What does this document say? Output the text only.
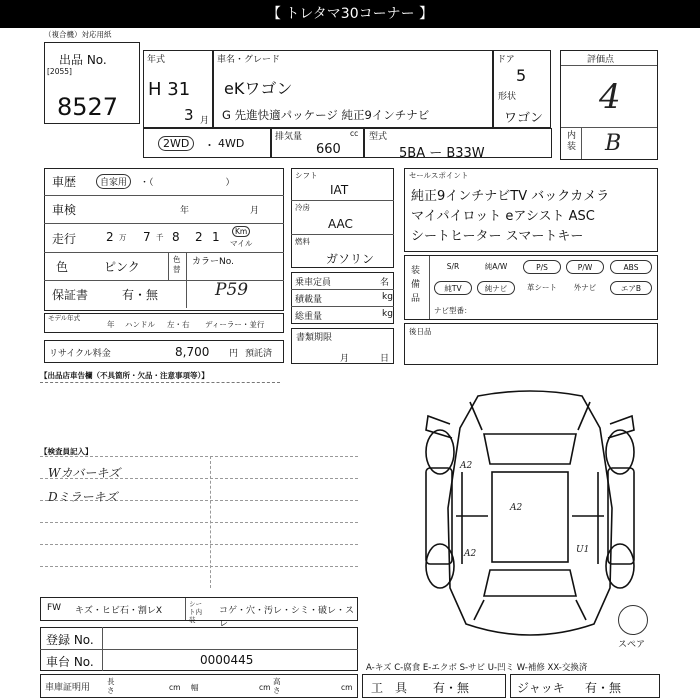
【 トレタマ30コーナー 】
（複合機）対応用紙
出品 No.
[2055]
8527
年式
H 31
3 月
車名・グレード
eKワゴン
G 先進快適パッケージ 純正9インチナビ
ドア
5
形状
ワゴン
評価点
4
内装 B
2WD	・ 4WD	排気量	cc
660
型式
5BA ー B33W
車歴	自家用	・（　　　　　　　　）
車検	年	月
走行 2 万 7 千 8 2 1	Km
マイル
色	ピンク
色替
カラーNo.
保証書	有・無	P59
モデル年式
年 ハンドル 左・右 ディーラー・並行
リサイクル料金	8,700 円 預託済
シフト
IAT
冷房
AAC
燃料
ガソリン
乗車定員	名
積載量	kg
総重量	kg
書類期限
月	日
セールスポイント
純正9インチナビTV バックカメラ
マイパイロット eアシスト ASC
シートヒーター スマートキー
装備品
S/R	純A/W	P/S	P/W	ABS
純TV	純ナビ	革シート	外ナビ	エアB
ナビ型番：
後日品
【出品店車告欄（不具箇所・欠品・注意事項等）】
【検査員記入】
Wカバーキズ
Dミラーキズ
FW キズ・ヒビ石・割レX
シート内装
コゲ・穴・汚レ・シミ・破レ・スレ
登録 No.
車台 No.	0000445
車庫証明用
長さ	cm 幅	cm
高さ	cm
A2
A2
A2	U1
スペア
A-キズ C-腐食 E-エクボ S-サビ U-凹ミ W-補修 XX-交換済
工　具 有・無	ジャッキ 有・無
